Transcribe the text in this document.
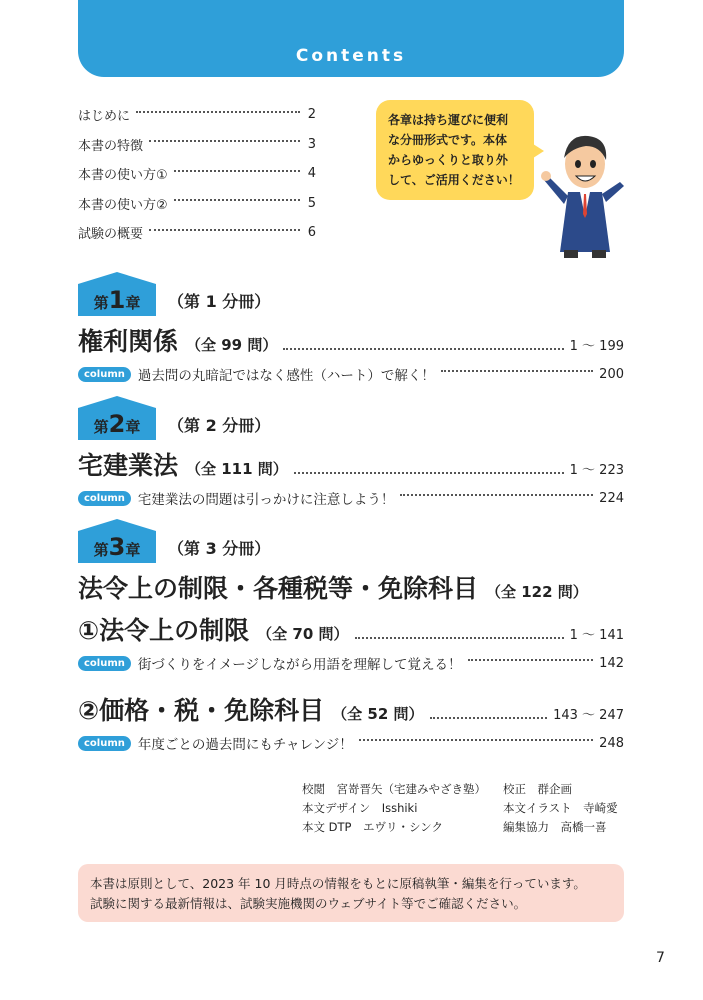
Contents
はじめに	2
本書の特徴	3
本書の使い方①	4
本書の使い方②	5
試験の概要	6
各章は持ち運びに便利
な分冊形式です。本体
からゆっくりと取り外
して、ご活用ください！
第1章	（第 1 分冊）
権利関係 （全 99 問）	1 ～ 199
column 過去問の丸暗記ではなく感性（ハート）で解く！	200
第2章	（第 2 分冊）
宅建業法 （全 111 問）	1 ～ 223
column 宅建業法の問題は引っかけに注意しよう！	224
第3章	（第 3 分冊）
法令上の制限・各種税等・免除科目 （全 122 問）
①法令上の制限 （全 70 問）	1 ～ 141
column 街づくりをイメージしながら用語を理解して覚える！	142
②価格・税・免除科目 （全 52 問）	143 ～ 247
column 年度ごとの過去問にもチャレンジ！	248
校閲　宮嵜晋矢（宅建みやざき塾）
本文デザイン　Isshiki
本文 DTP　エヴリ・シンク
校正　群企画
本文イラスト　寺崎愛
編集協力　高橋一喜
本書は原則として、2023 年 10 月時点の情報をもとに原稿執筆・編集を行っています。
試験に関する最新情報は、試験実施機関のウェブサイト等でご確認ください。
7
